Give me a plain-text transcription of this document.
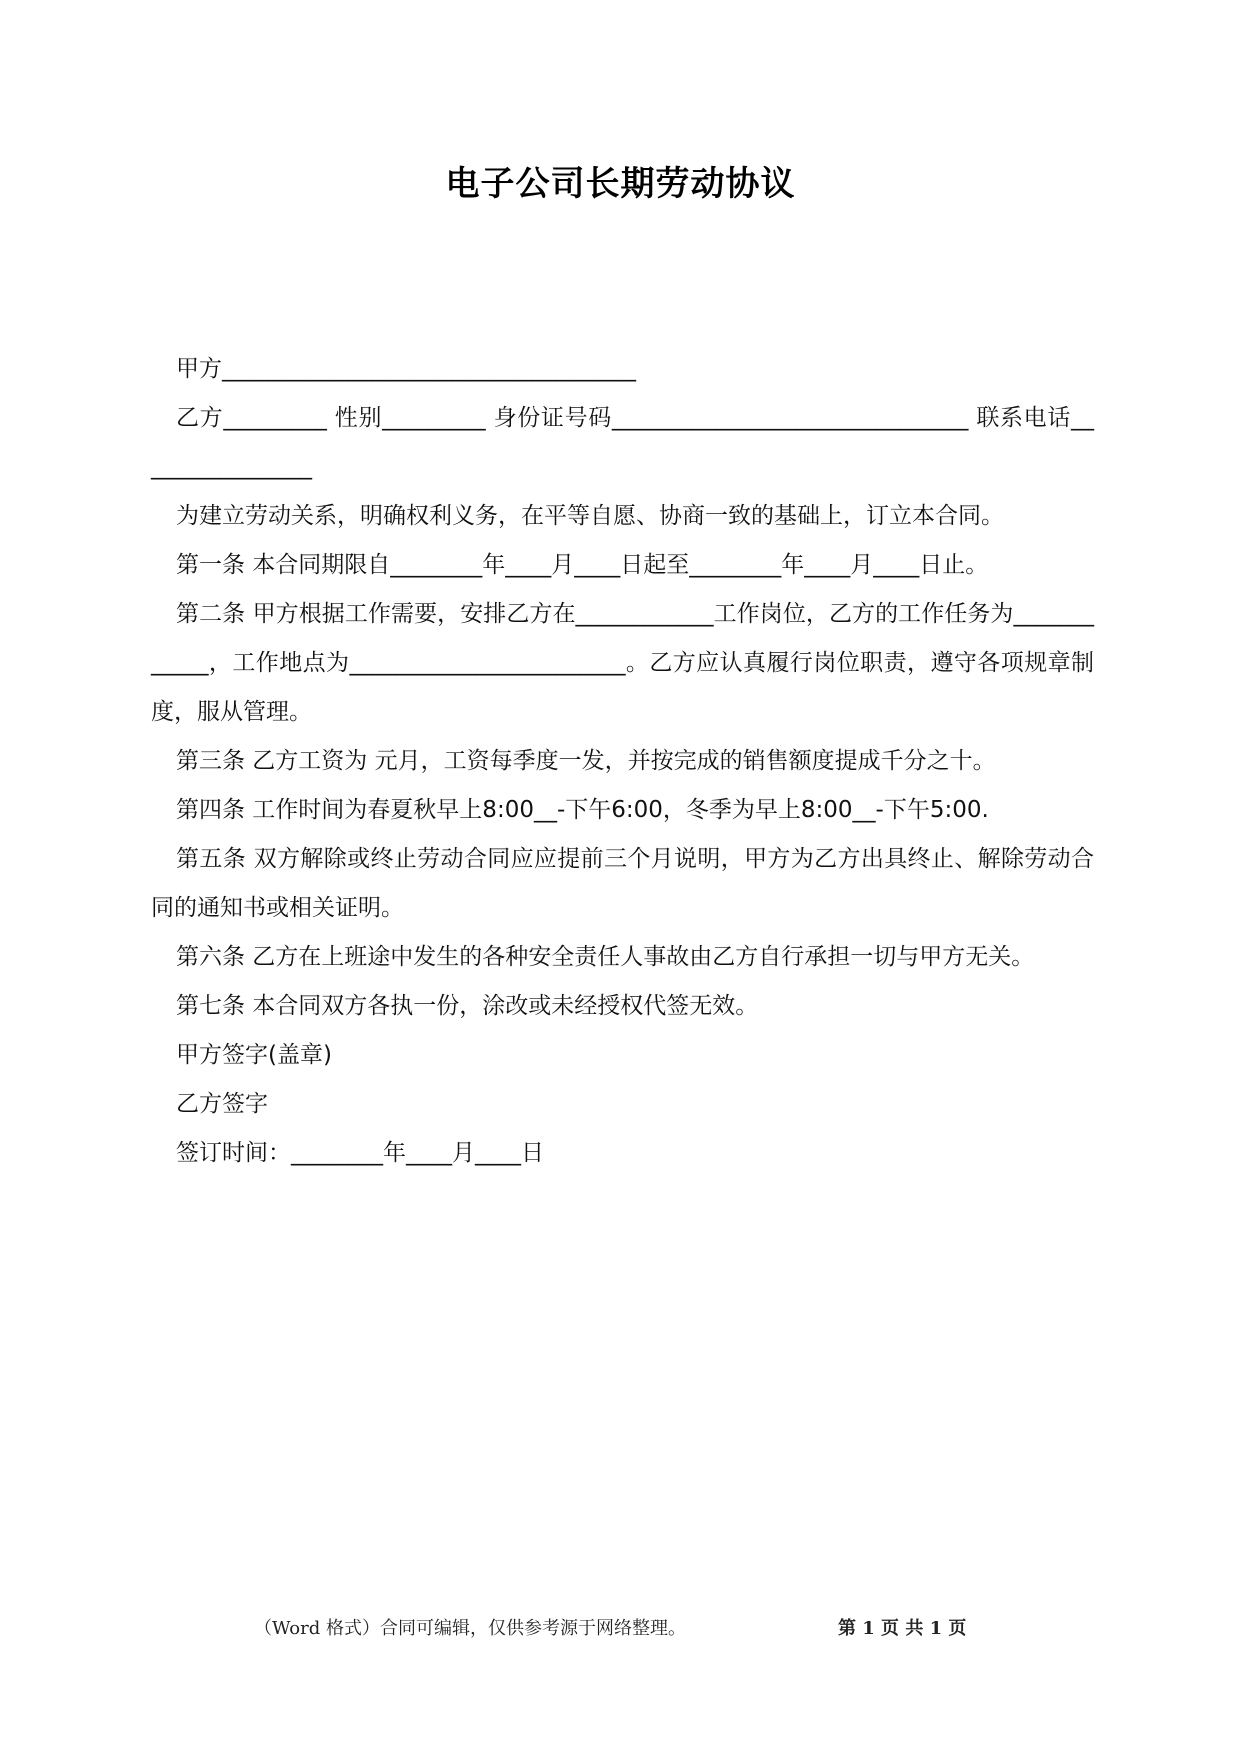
电子公司长期劳动协议

甲方____________________________________

乙方_________ 性别_________ 身份证号码_______________________________ 联系电话________________

为建立劳动关系，明确权利义务，在平等自愿、协商一致的基础上，订立本合同。

第一条 本合同期限自________年____月____日起至________年____月____日止。

第二条 甲方根据工作需要，安排乙方在____________工作岗位，乙方的工作任务为____________，工作地点为________________________。乙方应认真履行岗位职责，遵守各项规章制度，服从管理。

第三条 乙方工资为 元月，工资每季度一发，并按完成的销售额度提成千分之十。

第四条 工作时间为春夏秋早上8:00__-下午6:00，冬季为早上8:00__-下午5:00.

第五条 双方解除或终止劳动合同应应提前三个月说明，甲方为乙方出具终止、解除劳动合同的通知书或相关证明。

第六条 乙方在上班途中发生的各种安全责任人事故由乙方自行承担一切与甲方无关。

第七条 本合同双方各执一份，涂改或未经授权代签无效。

甲方签字(盖章)

乙方签字

签订时间：________年____月____日

（Word 格式）合同可编辑，仅供参考源于网络整理。	第 1 页 共 1 页
